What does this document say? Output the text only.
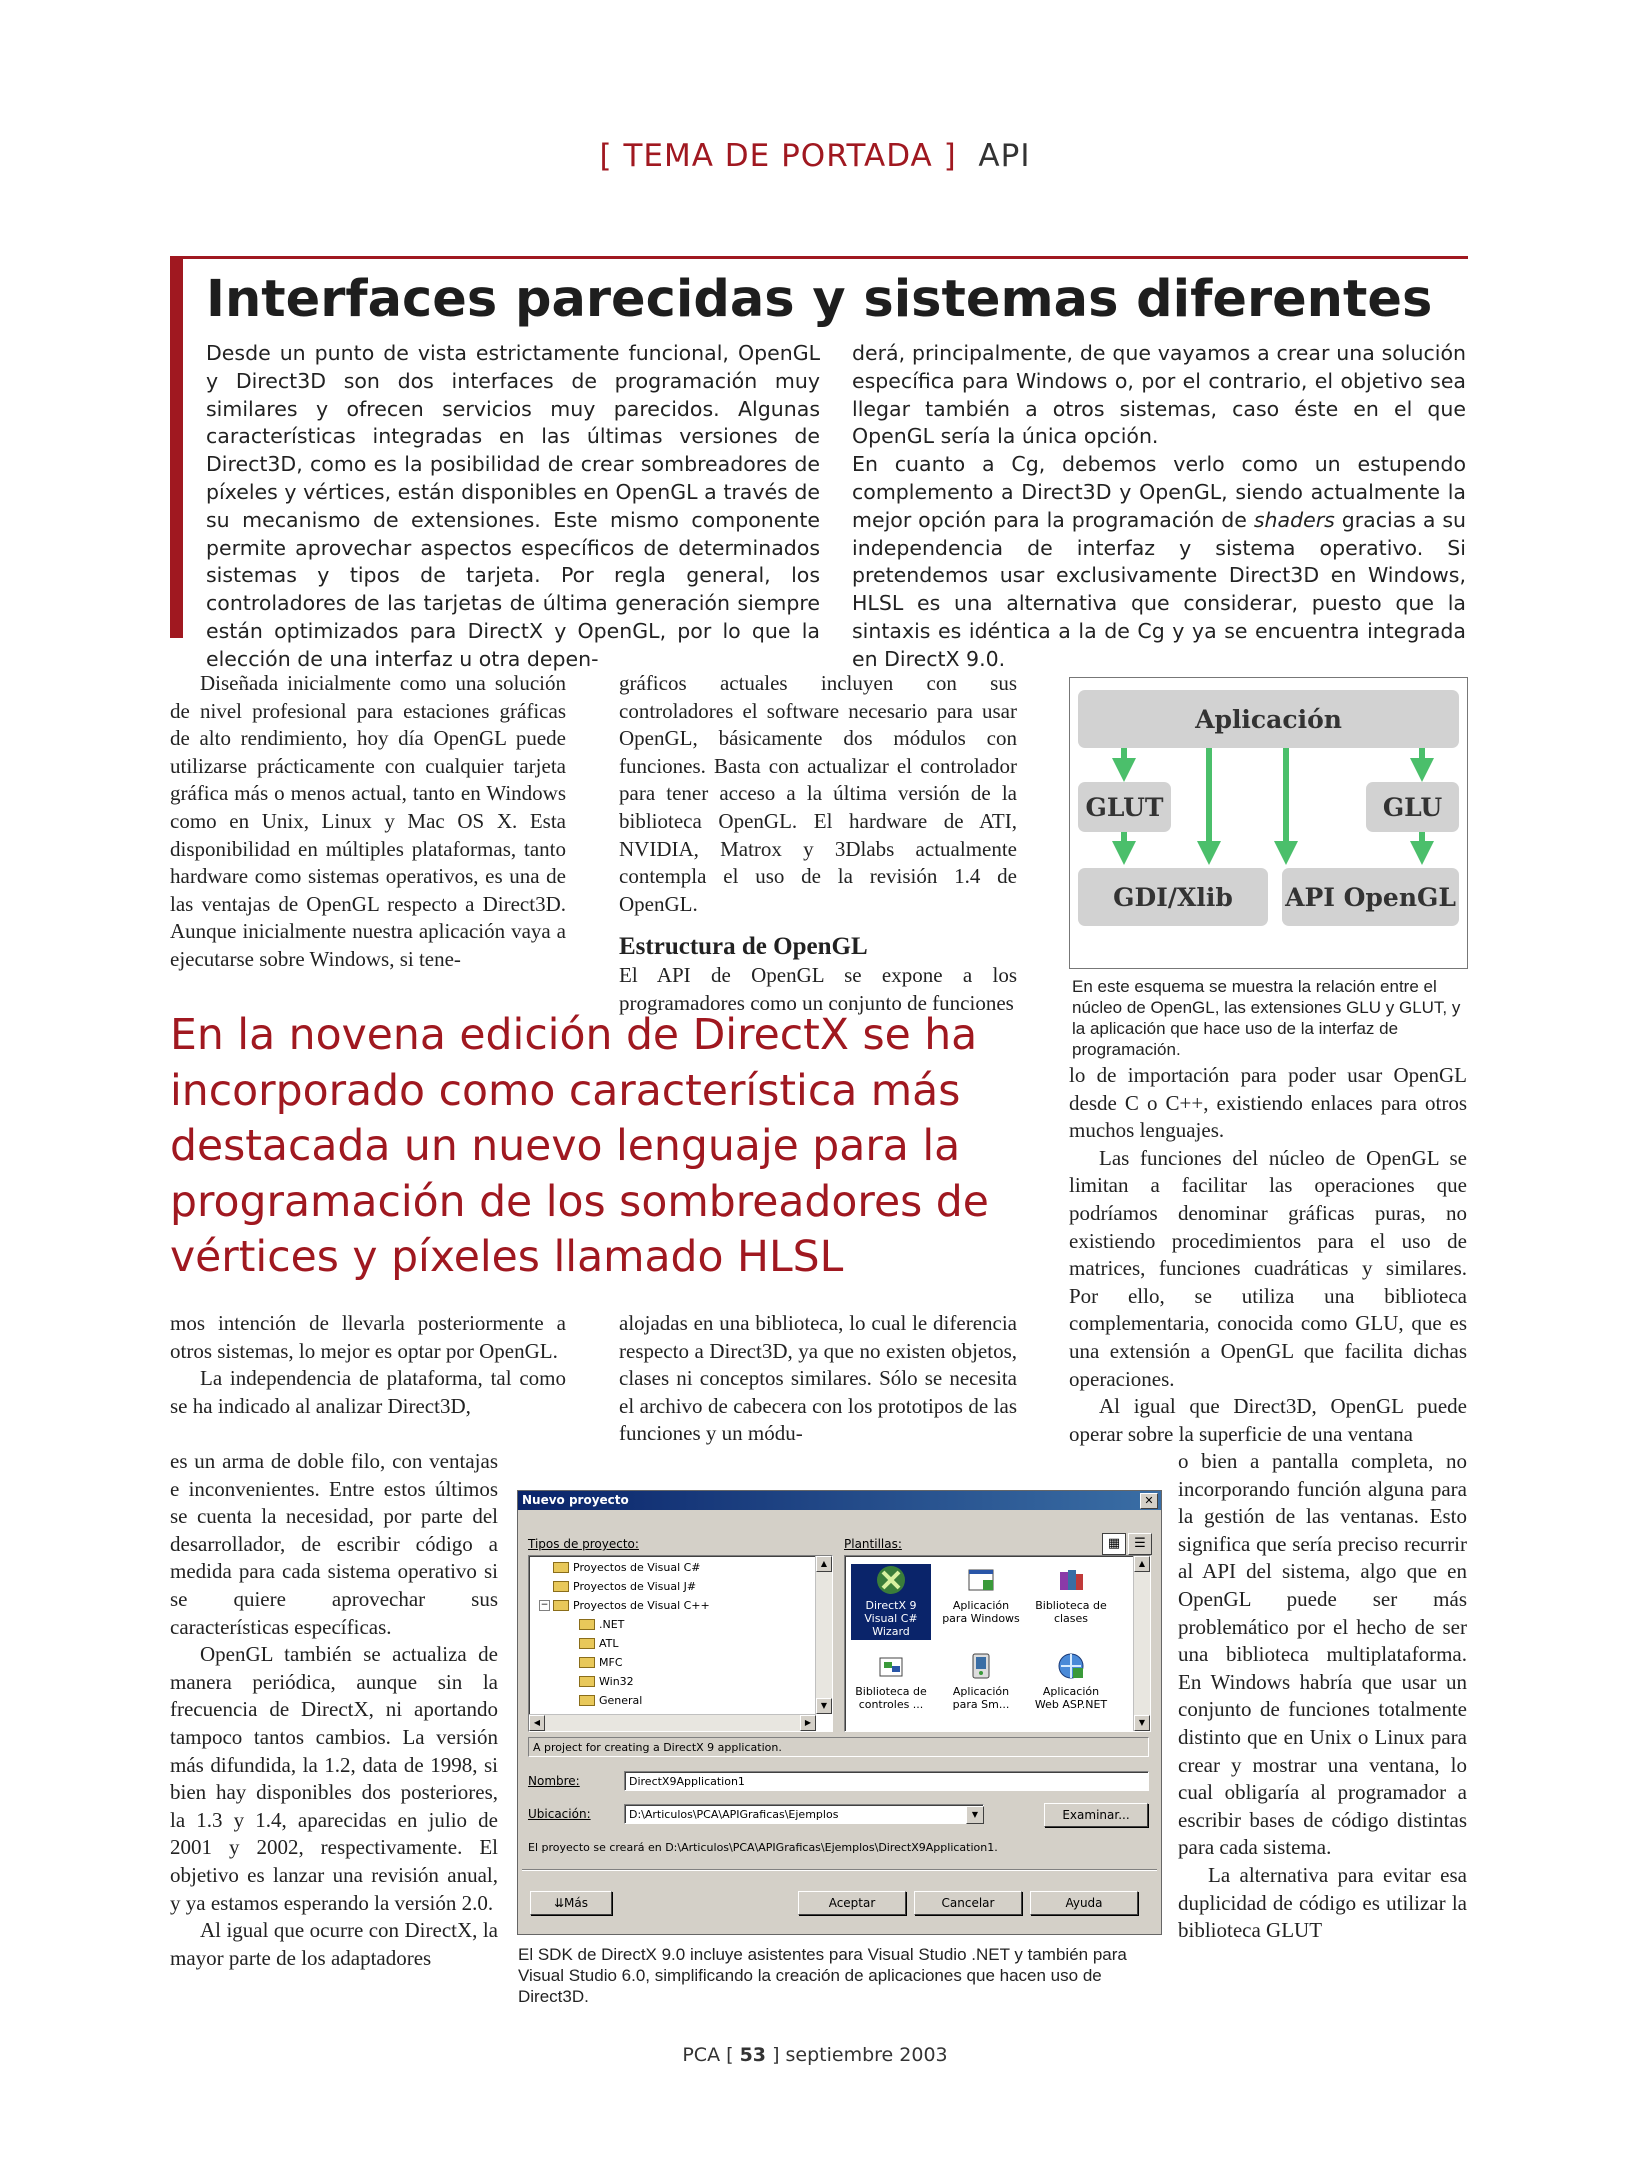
[ TEMA DE PORTADA ] API
Interfaces parecidas y sistemas diferentes

Desde un punto de vista estrictamente funcional, OpenGL y Direct3D son dos interfaces de programación muy similares y ofrecen servicios muy parecidos. Algunas características integradas en las últimas versiones de Direct3D, como es la posibilidad de crear sombreadores de píxeles y vértices, están disponibles en OpenGL a través de su mecanismo de extensiones. Este mismo componente permite aprovechar aspectos específicos de determinados sistemas y tipos de tarjeta. Por regla general, los controladores de las tarjetas de última generación siempre están optimizados para DirectX y OpenGL, por lo que la elección de una interfaz u otra depen-

derá, principalmente, de que vayamos a crear una solución específica para Windows o, por el contrario, el objetivo sea llegar también a otros sistemas, caso éste en el que OpenGL sería la única opción.

En cuanto a Cg, debemos verlo como un estupendo complemento a Direct3D y OpenGL, siendo actualmente la mejor opción para la programación de shaders gracias a su independencia de interfaz y sistema operativo. Si pretendemos usar exclusivamente Direct3D en Windows, HLSL es una alternativa que considerar, puesto que la sintaxis es idéntica a la de Cg y ya se encuentra integrada en DirectX 9.0.

Diseñada inicialmente como una solución de nivel profesional para estaciones gráficas de alto rendimiento, hoy día OpenGL puede utilizarse prácticamente con cualquier tarjeta gráfica más o menos actual, tanto en Windows como en Unix, Linux y Mac OS X. Esta disponibilidad en múltiples plataformas, tanto hardware como sistemas operativos, es una de las ventajas de OpenGL respecto a Direct3D. Aunque inicialmente nuestra aplicación vaya a ejecutarse sobre Windows, si tene-

gráficos actuales incluyen con sus controladores el software necesario para usar OpenGL, básicamente dos módulos con funciones. Basta con actualizar el controlador para tener acceso a la última versión de la biblioteca OpenGL. El hardware de ATI, NVIDIA, Matrox y 3Dlabs actualmente contempla el uso de la revisión 1.4 de OpenGL.

Estructura de OpenGL

El API de OpenGL se expone a los programadores como un conjunto de funciones

Aplicación
GLUT	GLU
GDI/Xlib	API OpenGL
En este esquema se muestra la relación entre el núcleo de OpenGL, las extensiones GLU y GLUT, y la aplicación que hace uso de la interfaz de programación.
En la novena edición de DirectX se ha incorporado como característica más destacada un nuevo lenguaje para la programación de los sombreadores de vértices y píxeles llamado HLSL

mos intención de llevarla posteriormente a otros sistemas, lo mejor es optar por OpenGL.

La independencia de plataforma, tal como se ha indicado al analizar Direct3D,

es un arma de doble filo, con ventajas e inconvenientes. Entre estos últimos se cuenta la necesidad, por parte del desarrollador, de escribir código a medida para cada sistema operativo si se quiere aprovechar sus características específicas.

OpenGL también se actualiza de manera periódica, aunque sin la frecuencia de DirectX, ni aportando tampoco tantos cambios. La versión más difundida, la 1.2, data de 1998, si bien hay disponibles dos posteriores, la 1.3 y 1.4, aparecidas en julio de 2001 y 2002, respectivamente. El objetivo es lanzar una revisión anual, y ya estamos esperando la versión 2.0.

Al igual que ocurre con DirectX, la mayor parte de los adaptadores

alojadas en una biblioteca, lo cual le diferencia respecto a Direct3D, ya que no existen objetos, clases ni conceptos similares. Sólo se necesita el archivo de cabecera con los prototipos de las funciones y un módu-

lo de importación para poder usar OpenGL desde C o C++, existiendo enlaces para otros muchos lenguajes.

Las funciones del núcleo de OpenGL se limitan a facilitar las operaciones que podríamos denominar gráficas puras, no existiendo procedimientos para el uso de matrices, funciones cuadráticas y similares. Por ello, se utiliza una biblioteca complementaria, conocida como GLU, que es una extensión a OpenGL que facilita dichas operaciones.

Al igual que Direct3D, OpenGL puede operar sobre la superficie de una ventana

o bien a pantalla completa, no incorporando función alguna para la gestión de las ventanas. Esto significa que sería preciso recurrir al API del sistema, algo que en OpenGL puede ser más problemático por el hecho de ser una biblioteca multiplataforma. En Windows habría que usar un conjunto de funciones totalmente distinto que en Unix o Linux para crear y mostrar una ventana, lo cual obligaría al programador a escribir bases de código distintas para cada sistema.

La alternativa para evitar esa duplicidad de código es utilizar la biblioteca GLUT

Nuevo proyecto	✕
Tipos de proyecto:	Plantillas:	▦	☰
Proyectos de Visual C#
Proyectos de Visual J#
− Proyectos de Visual C++
.NET
ATL
MFC
Win32
General
▲
▼
◀	▶
DirectX 9 Visual C# Wizard
Aplicación para Windows
Biblioteca de clases
Biblioteca de controles ...
Aplicación para Sm...
Aplicación Web ASP.NET
▲
▼
A project for creating a DirectX 9 application.
Nombre:	DirectX9Application1
Ubicación:	D:\Articulos\PCA\APIGraficas\Ejemplos	▼	Examinar...
El proyecto se creará en D:\Articulos\PCA\APIGraficas\Ejemplos\DirectX9Application1.
⇊Más	Aceptar	Cancelar	Ayuda
El SDK de DirectX 9.0 incluye asistentes para Visual Studio .NET y también para Visual Studio 6.0, simplificando la creación de aplicaciones que hacen uso de Direct3D.
PCA [ 53 ] septiembre 2003
